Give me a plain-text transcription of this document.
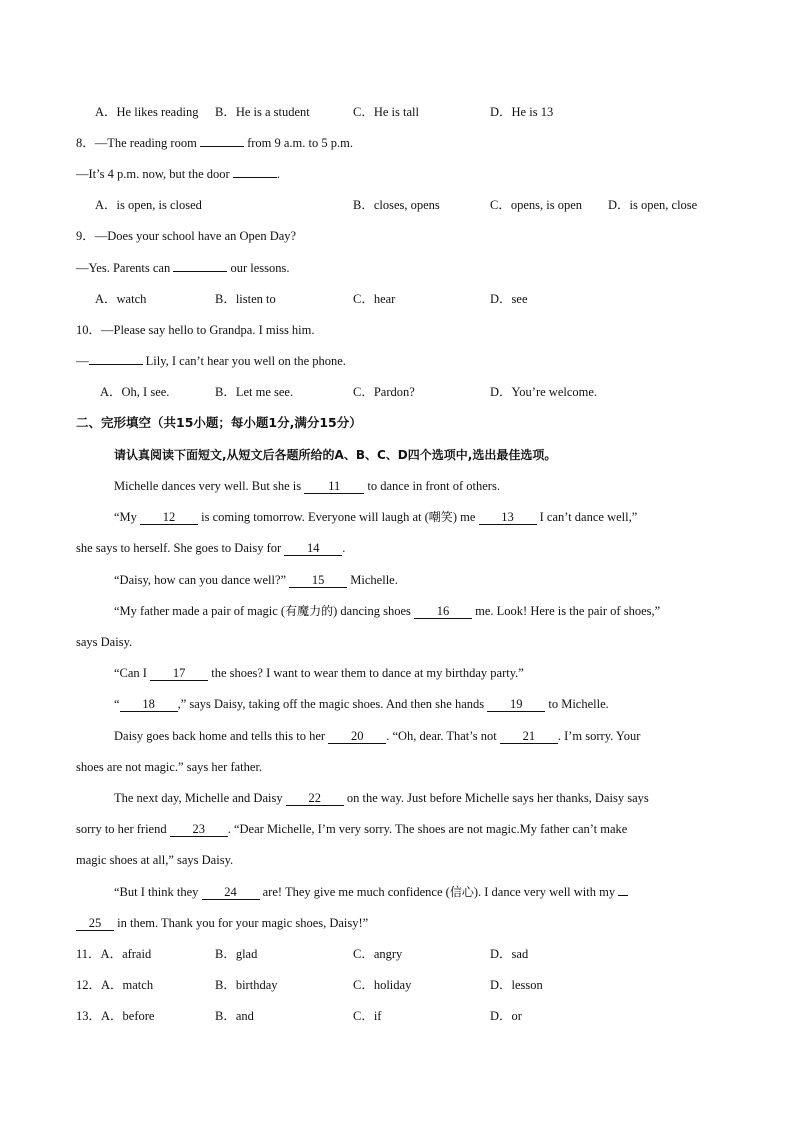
A．He likes reading B．He is a student	C．He is tall	D．He is 13
8．—The reading room	from 9 a.m. to 5 p.m.
—It’s 4 p.m. now, but the door	.
A．is open, is closed	B．closes, opens	C．opens, is open D．is open, close
9．—Does your school have an Open Day?
—Yes. Parents can	our lessons.
A．watch	B．listen to	C．hear	D．see
10．—Please say hello to Grandpa. I miss him.
—	Lily, I can’t hear you well on the phone.
A．Oh, I see.	B．Let me see.	C．Pardon?	D．You’re welcome.
二、完形填空（共15小题；每小题1分,满分15分）
请认真阅读下面短文,从短文后各题所给的A、B、C、D四个选项中,选出最佳选项。
Michelle dances very well. But she is 11 to dance in front of others.
“My 12 is coming tomorrow. Everyone will laugh at (嘲笑) me 13 I can’t dance well,”
she says to herself. She goes to Daisy for 14 .
“Daisy, how can you dance well?” 15 Michelle.
“My father made a pair of magic (有魔力的) dancing shoes 16 me. Look! Here is the pair of shoes,”
says Daisy.
“Can I 17 the shoes? I want to wear them to dance at my birthday party.”
“ 18 ,” says Daisy, taking off the magic shoes. And then she hands 19 to Michelle.
Daisy goes back home and tells this to her 20 . “Oh, dear. That’s not 21 . I’m sorry. Your
shoes are not magic.” says her father.
The next day, Michelle and Daisy 22 on the way. Just before Michelle says her thanks, Daisy says
sorry to her friend 23 . “Dear Michelle, I’m very sorry. The shoes are not magic.My father can’t make
magic shoes at all,” says Daisy.
“But I think they 24 are! They give me much confidence (信心). I dance very well with my
25 in them. Thank you for your magic shoes, Daisy!”
11．A．afraid	B．glad	C．angry	D．sad
12．A．match	B．birthday	C．holiday	D．lesson
13．A．before	B．and	C．if	D．or
